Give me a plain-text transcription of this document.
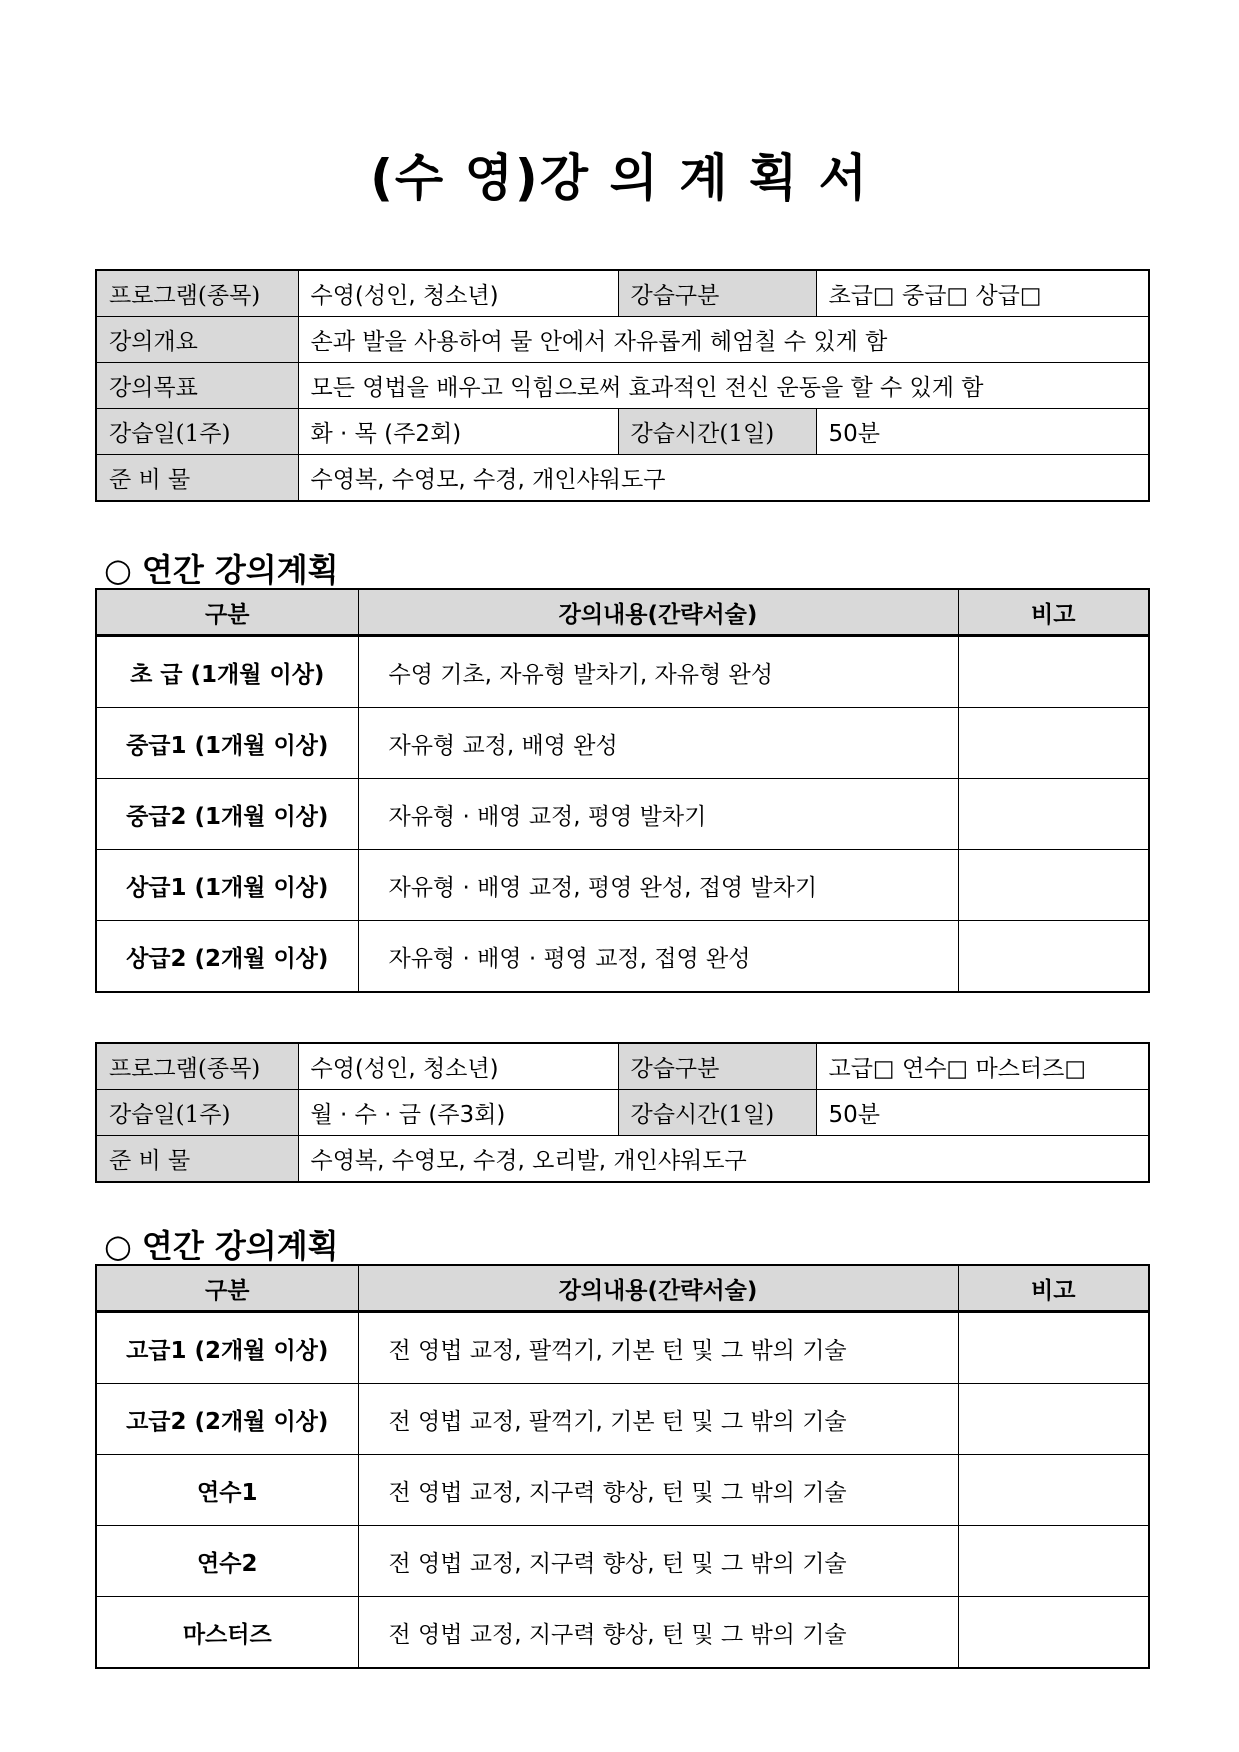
(수 영)강 의 계 획 서
프로그램(종목)	수영(성인, 청소년)	강습구분	초급□ 중급□ 상급□
강의개요	손과 발을 사용하여 물 안에서 자유롭게 헤엄칠 수 있게 함		
강의목표	모든 영법을 배우고 익힘으로써 효과적인 전신 운동을 할 수 있게 함		
강습일(1주)	화 · 목 (주2회)	강습시간(1일)	50분
준 비 물	수영복, 수영모, 수경, 개인샤워도구		
○ 연간 강의계획
구분	강의내용(간략서술)	비고
초 급 (1개월 이상)	수영 기초, 자유형 발차기, 자유형 완성	
중급1 (1개월 이상)	자유형 교정, 배영 완성	
중급2 (1개월 이상)	자유형 · 배영 교정, 평영 발차기	
상급1 (1개월 이상)	자유형 · 배영 교정, 평영 완성, 접영 발차기	
상급2 (2개월 이상)	자유형 · 배영 · 평영 교정, 접영 완성	
프로그램(종목)	수영(성인, 청소년)	강습구분	고급□ 연수□ 마스터즈□
강습일(1주)	월 · 수 · 금 (주3회)	강습시간(1일)	50분
준 비 물	수영복, 수영모, 수경, 오리발, 개인샤워도구		
○ 연간 강의계획
구분	강의내용(간략서술)	비고
고급1 (2개월 이상)	전 영법 교정, 팔꺽기, 기본 턴 및 그 밖의 기술	
고급2 (2개월 이상)	전 영법 교정, 팔꺽기, 기본 턴 및 그 밖의 기술	
연수1	전 영법 교정, 지구력 향상, 턴 및 그 밖의 기술	
연수2	전 영법 교정, 지구력 향상, 턴 및 그 밖의 기술	
마스터즈	전 영법 교정, 지구력 향상, 턴 및 그 밖의 기술	
